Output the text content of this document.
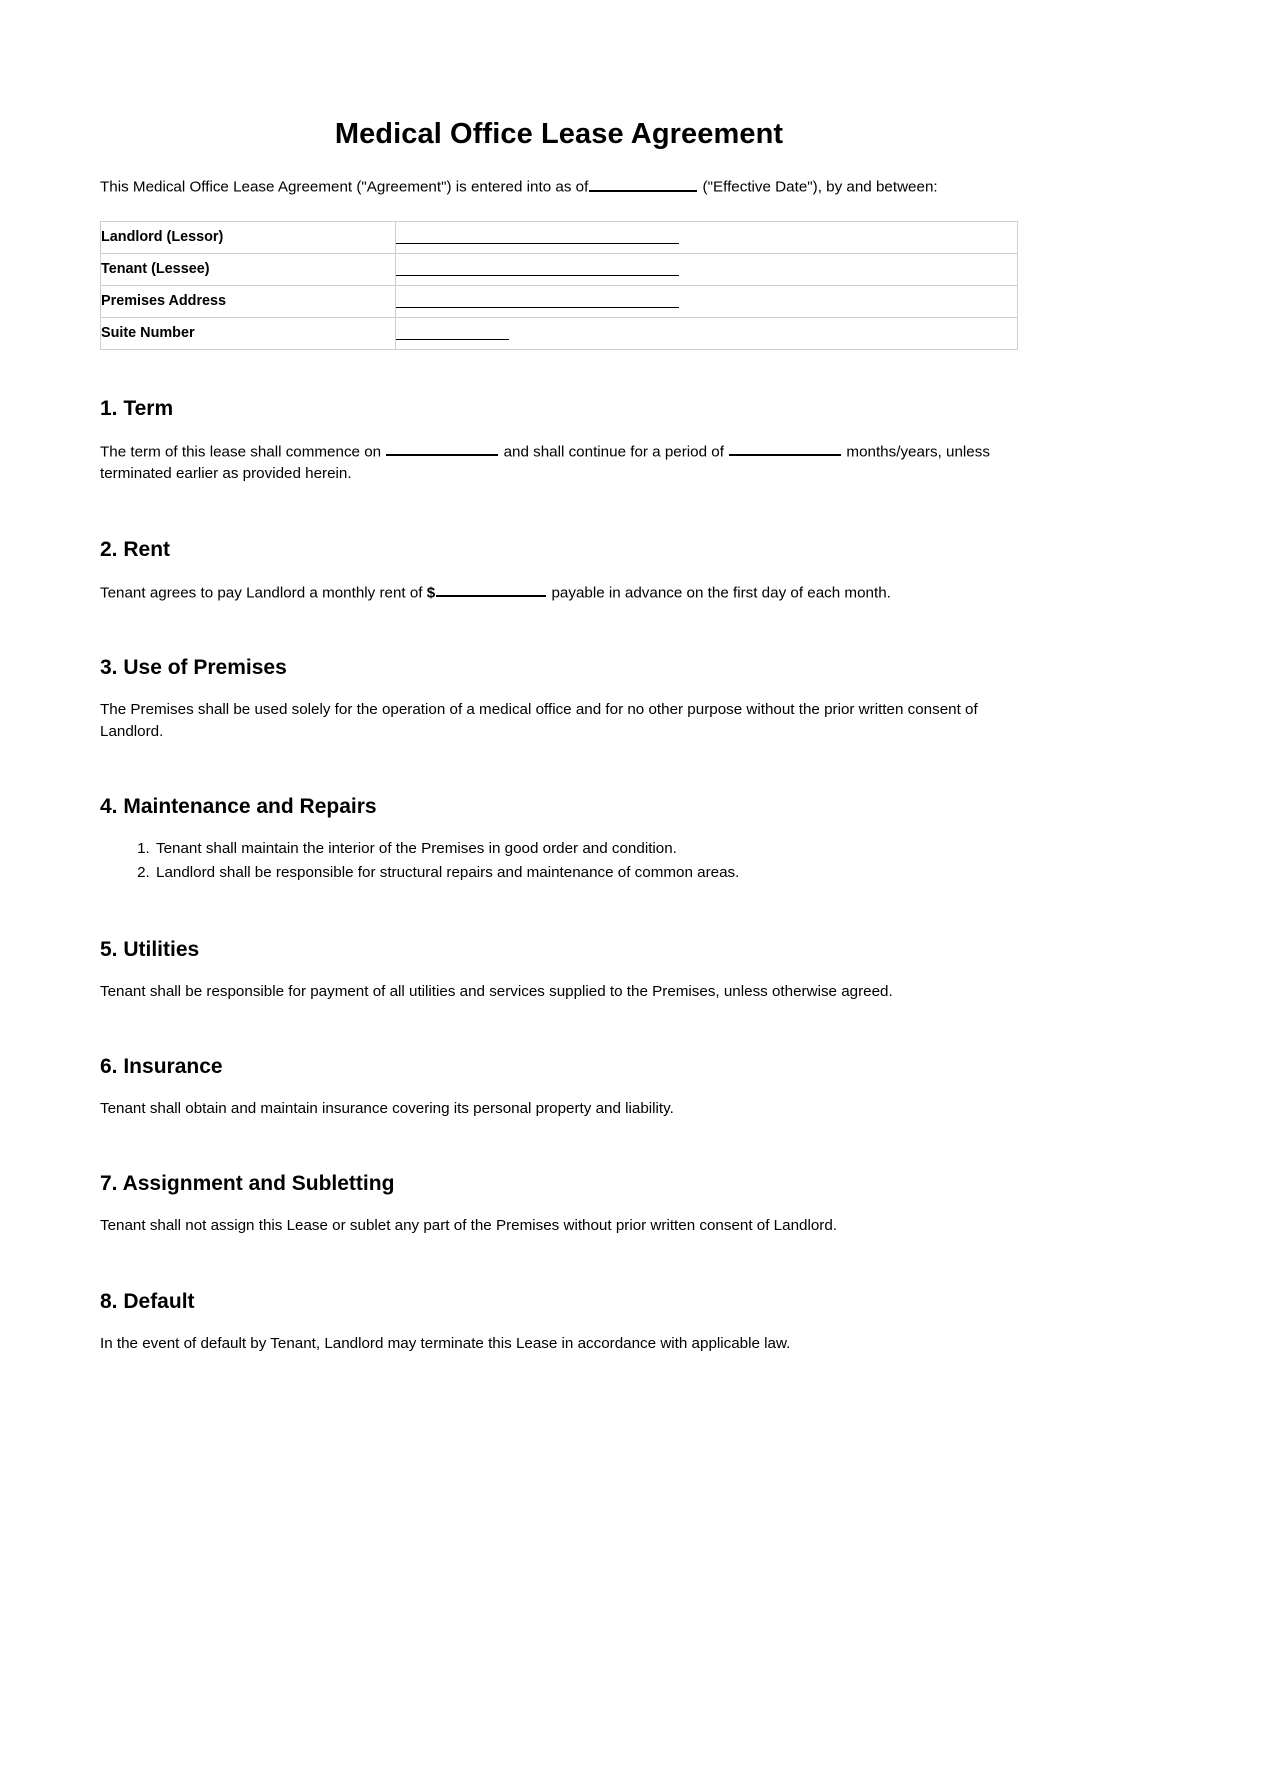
Medical Office Lease Agreement

This Medical Office Lease Agreement ("Agreement") is entered into as of	("Effective Date"), by and between:

Landlord (Lessor)	
Tenant (Lessee)	
Premises Address	
Suite Number	
1. Term

The term of this lease shall commence on	and shall continue for a period of	months/years, unless terminated earlier as provided herein.

2. Rent

Tenant agrees to pay Landlord a monthly rent of $	payable in advance on the first day of each month.

3. Use of Premises

The Premises shall be used solely for the operation of a medical office and for no other purpose without the prior written consent of Landlord.

4. Maintenance and Repairs
1. Tenant shall maintain the interior of the Premises in good order and condition.
2. Landlord shall be responsible for structural repairs and maintenance of common areas.
5. Utilities

Tenant shall be responsible for payment of all utilities and services supplied to the Premises, unless otherwise agreed.

6. Insurance

Tenant shall obtain and maintain insurance covering its personal property and liability.

7. Assignment and Subletting

Tenant shall not assign this Lease or sublet any part of the Premises without prior written consent of Landlord.

8. Default

In the event of default by Tenant, Landlord may terminate this Lease in accordance with applicable law.
